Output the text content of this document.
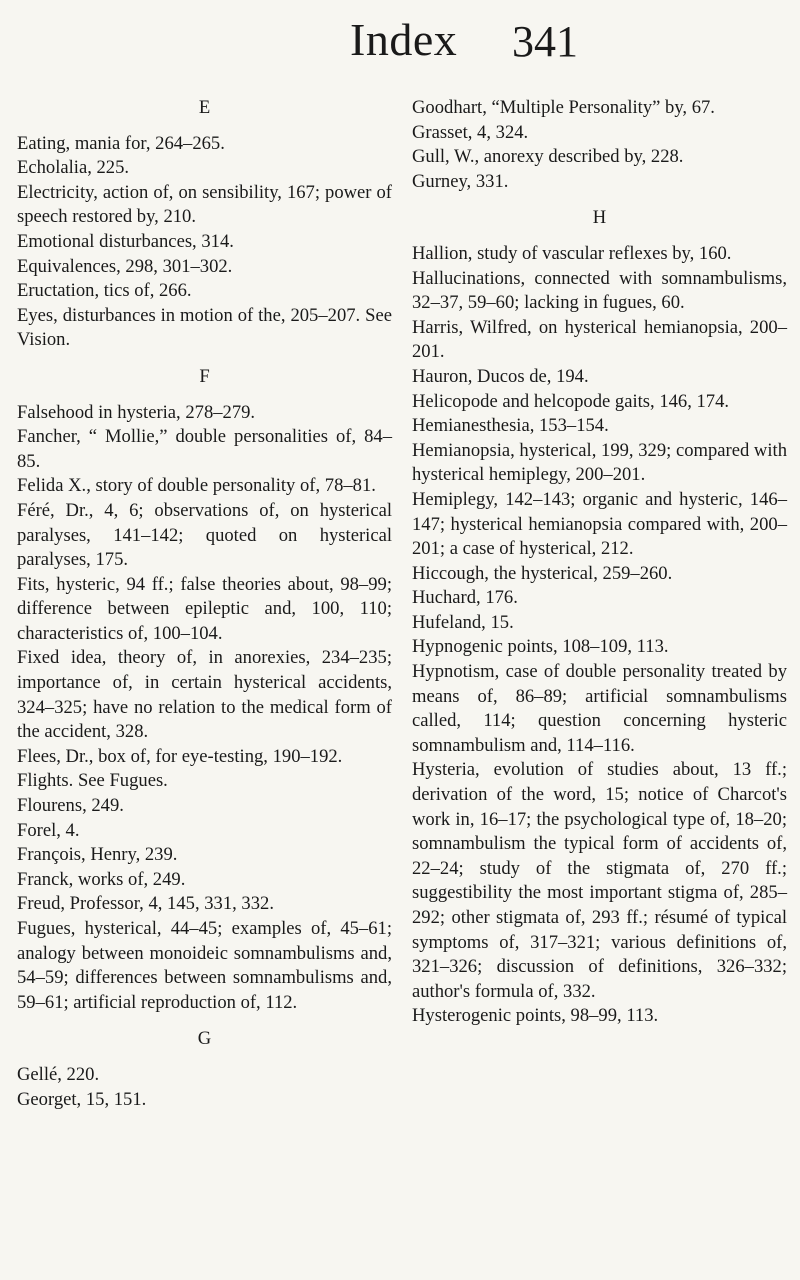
Index 341
E

Eating, mania for, 264–265.

Echolalia, 225.

Electricity, action of, on sensibility, 167; power of speech restored by, 210.

Emotional disturbances, 314.

Equivalences, 298, 301–302.

Eructation, tics of, 266.

Eyes, disturbances in motion of the, 205–207. See Vision.

F

Falsehood in hysteria, 278–279.

Fancher, “ Mollie,” double personalities of, 84–85.

Felida X., story of double personality of, 78–81.

Féré, Dr., 4, 6; observations of, on hysterical paralyses, 141–142; quoted on hysterical paralyses, 175.

Fits, hysteric, 94 ff.; false theories about, 98–99; difference between epileptic and, 100, 110; characteristics of, 100–104.

Fixed idea, theory of, in anorexies, 234–235; importance of, in certain hysterical accidents, 324–325; have no relation to the medical form of the accident, 328.

Flees, Dr., box of, for eye-testing, 190–192.

Flights. See Fugues.

Flourens, 249.

Forel, 4.

François, Henry, 239.

Franck, works of, 249.

Freud, Professor, 4, 145, 331, 332.

Fugues, hysterical, 44–45; examples of, 45–61; analogy between monoideic somnambulisms and, 54–59; differences between somnambulisms and, 59–61; artificial reproduction of, 112.

G

Gellé, 220.

Georget, 15, 151.

Goodhart, “Multiple Personality” by, 67.

Grasset, 4, 324.

Gull, W., anorexy described by, 228.

Gurney, 331.

H

Hallion, study of vascular reflexes by, 160.

Hallucinations, connected with somnambulisms, 32–37, 59–60; lacking in fugues, 60.

Harris, Wilfred, on hysterical hemianopsia, 200–201.

Hauron, Ducos de, 194.

Helicopode and helcopode gaits, 146, 174.

Hemianesthesia, 153–154.

Hemianopsia, hysterical, 199, 329; compared with hysterical hemiplegy, 200–201.

Hemiplegy, 142–143; organic and hysteric, 146–147; hysterical hemianopsia compared with, 200–201; a case of hysterical, 212.

Hiccough, the hysterical, 259–260.

Huchard, 176.

Hufeland, 15.

Hypnogenic points, 108–109, 113.

Hypnotism, case of double personality treated by means of, 86–89; artificial somnambulisms called, 114; question concerning hysteric somnambulism and, 114–116.

Hysteria, evolution of studies about, 13 ff.; derivation of the word, 15; notice of Charcot's work in, 16–17; the psychological type of, 18–20; somnambulism the typical form of accidents of, 22–24; study of the stigmata of, 270 ff.; suggestibility the most important stigma of, 285–292; other stigmata of, 293 ff.; résumé of typical symptoms of, 317–321; various definitions of, 321–326; discussion of definitions, 326–332; author's formula of, 332.

Hysterogenic points, 98–99, 113.
